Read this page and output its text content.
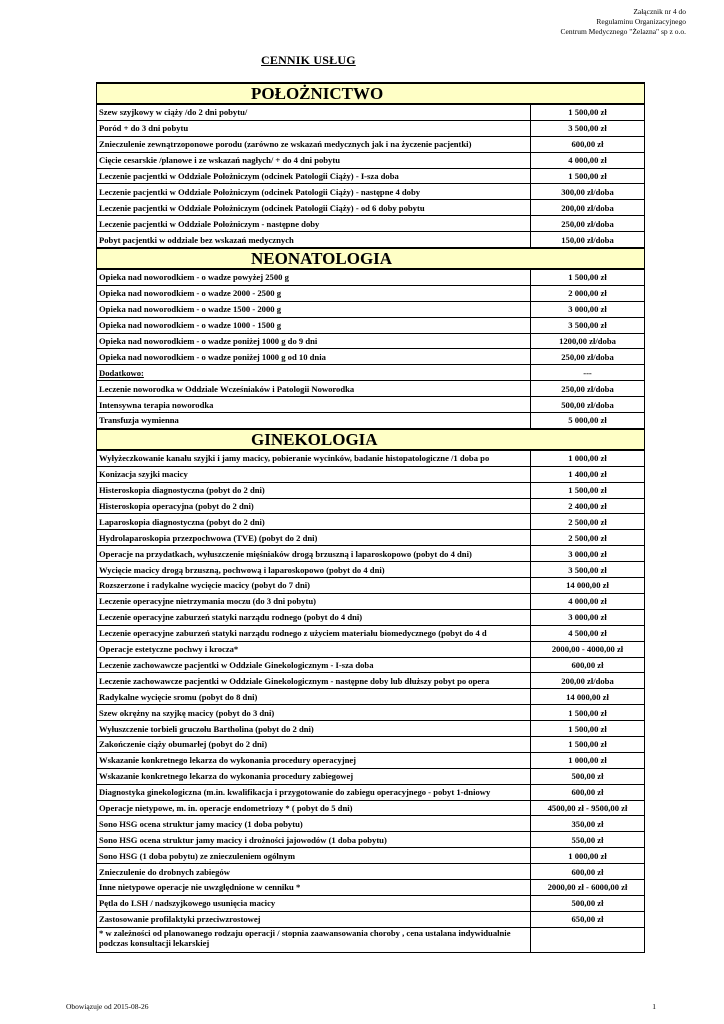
Załącznik nr 4 do
Regulaminu Organizacyjnego
Centrum Medycznego "Żelazna" sp z o.o.
CENNIK USŁUG
POŁOŻNICTWO	
Szew szyjkowy w ciąży /do 2 dni pobytu/	1 500,00 zł
Poród + do 3 dni pobytu	3 500,00 zł
Znieczulenie zewnątrzoponowe porodu (zarówno ze wskazań medycznych jak i na życzenie pacjentki)	600,00 zł
Cięcie cesarskie /planowe i ze wskazań nagłych/ + do 4 dni pobytu	4 000,00 zł
Leczenie pacjentki w Oddziale Położniczym (odcinek Patologii Ciąży) - I-sza doba	1 500,00 zł
Leczenie pacjentki w Oddziale Położniczym (odcinek Patologii Ciąży) - następne 4 doby	300,00 zł/doba
Leczenie pacjentki w Oddziale Położniczym (odcinek Patologii Ciąży) - od 6 doby pobytu	200,00 zł/doba
Leczenie pacjentki w Oddziale Położniczym - następne doby	250,00 zł/doba
Pobyt pacjentki w oddziale bez wskazań medycznych	150,00 zł/doba
NEONATOLOGIA	
Opieka nad noworodkiem - o wadze powyżej 2500 g	1 500,00 zł
Opieka nad noworodkiem - o wadze 2000 - 2500 g	2 000,00 zł
Opieka nad noworodkiem - o wadze 1500 - 2000 g	3 000,00 zł
Opieka nad noworodkiem - o wadze 1000 - 1500 g	3 500,00 zł
Opieka nad noworodkiem - o wadze poniżej 1000 g do 9 dni	1200,00 zł/doba
Opieka nad noworodkiem - o wadze poniżej 1000 g od 10 dnia	250,00 zł/doba
Dodatkowo:	---
Leczenie noworodka w Oddziale Wcześniaków i Patologii Noworodka	250,00 zł/doba
Intensywna terapia noworodka	500,00 zł/doba
Transfuzja wymienna	5 000,00 zł
GINEKOLOGIA	
Wyłyżeczkowanie kanału szyjki i jamy macicy, pobieranie wycinków, badanie histopatologiczne /1 doba po	1 000,00 zł
Konizacja szyjki macicy	1 400,00 zł
Histeroskopia diagnostyczna (pobyt do 2 dni)	1 500,00 zł
Histeroskopia operacyjna (pobyt do 2 dni)	2 400,00 zł
Laparoskopia diagnostyczna (pobyt do 2 dni)	2 500,00 zł
Hydrolaparoskopia przezpochwowa (TVE) (pobyt do 2 dni)	2 500,00 zł
Operacje na przydatkach, wyłuszczenie mięśniaków drogą brzuszną i laparoskopowo (pobyt do 4 dni)	3 000,00 zł
Wycięcie macicy drogą brzuszną, pochwową i laparoskopowo (pobyt do 4 dni)	3 500,00 zł
Rozszerzone i radykalne wycięcie macicy (pobyt do 7 dni)	14 000,00 zł
Leczenie operacyjne nietrzymania moczu (do 3 dni pobytu)	4 000,00 zł
Leczenie operacyjne zaburzeń statyki narządu rodnego (pobyt do 4 dni)	3 000,00 zł
Leczenie operacyjne zaburzeń statyki narządu rodnego z użyciem materiału biomedycznego (pobyt do 4 d	4 500,00 zł
Operacje estetyczne pochwy i krocza*	2000,00 - 4000,00 zł
Leczenie zachowawcze pacjentki w Oddziale Ginekologicznym - I-sza doba	600,00 zł
Leczenie zachowawcze pacjentki w Oddziale Ginekologicznym - następne doby lub dłuższy pobyt po opera	200,00 zł/doba
Radykalne wycięcie sromu (pobyt do 8 dni)	14 000,00 zł
Szew okrężny na szyjkę macicy (pobyt do 3 dni)	1 500,00 zł
Wyłuszczenie torbieli gruczołu Bartholina (pobyt do 2 dni)	1 500,00 zł
Zakończenie ciąży obumarłej (pobyt do 2 dni)	1 500,00 zł
Wskazanie konkretnego lekarza do wykonania procedury operacyjnej	1 000,00 zł
Wskazanie konkretnego lekarza do wykonania procedury zabiegowej	500,00 zł
Diagnostyka ginekologiczna (m.in. kwalifikacja i przygotowanie do zabiegu operacyjnego - pobyt 1-dniowy	600,00 zł
Operacje nietypowe, m. in. operacje endometriozy * ( pobyt do 5 dni)	4500,00 zł - 9500,00 zł
Sono HSG ocena struktur jamy macicy (1 doba pobytu)	350,00 zł
Sono HSG ocena struktur jamy macicy i drożności jajowodów (1 doba pobytu)	550,00 zł
Sono HSG (1 doba pobytu) ze znieczuleniem ogólnym	1 000,00 zł
Znieczulenie do drobnych zabiegów	600,00 zł
Inne nietypowe operacje nie uwzględnione w cenniku *	2000,00 zł - 6000,00 zł
Pętla do LSH / nadszyjkowego usunięcia macicy	500,00 zł
Zastosowanie profilaktyki przeciwzrostowej	650,00 zł
* w zależności od planowanego rodzaju operacji / stopnia zaawansowania choroby , cena ustalana indywidualnie podczas konsultacji lekarskiej	
Obowiązuje od 2015-08-26	1
